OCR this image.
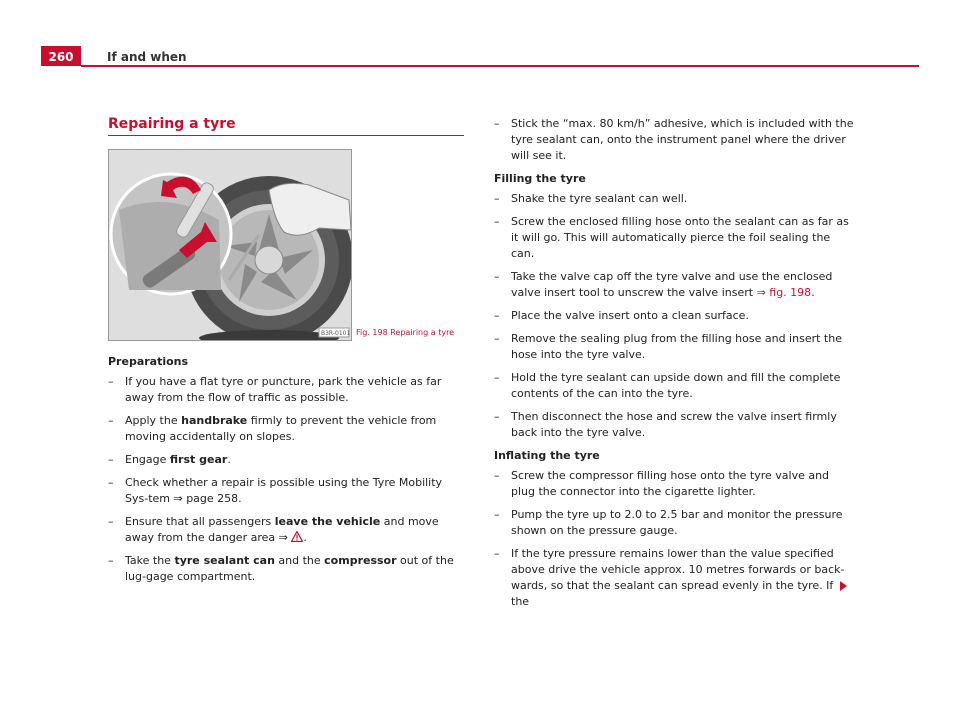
260	If and when
Repairing a tyre
B3R-0101 Fig. 198 Repairing a tyre
Preparations
– If you have a flat tyre or puncture, park the vehicle as far away from the flow of traffic as possible.
– Apply the handbrake firmly to prevent the vehicle from moving accidentally on slopes.
– Engage first gear.
– Check whether a repair is possible using the Tyre Mobility Sys-tem ⇒ page 258.
– Ensure that all passengers leave the vehicle and move away from the danger area ⇒ .
– Take the tyre sealant can and the compressor out of the lug-gage compartment.
– Stick the “max. 80 km/h” adhesive, which is included with the tyre sealant can, onto the instrument panel where the driver will see it.
Filling the tyre
– Shake the tyre sealant can well.
– Screw the enclosed filling hose onto the sealant can as far as it will go. This will automatically pierce the foil sealing the can.
– Take the valve cap off the tyre valve and use the enclosed valve insert tool to unscrew the valve insert ⇒ fig. 198.
– Place the valve insert onto a clean surface.
– Remove the sealing plug from the filling hose and insert the hose into the tyre valve.
– Hold the tyre sealant can upside down and fill the complete contents of the can into the tyre.
– Then disconnect the hose and screw the valve insert firmly back into the tyre valve.
Inflating the tyre
– Screw the compressor filling hose onto the tyre valve and plug the connector into the cigarette lighter.
– Pump the tyre up to 2.0 to 2.5 bar and monitor the pressure shown on the pressure gauge.
– If the tyre pressure remains lower than the value specified above drive the vehicle approx. 10 metres forwards or back-wards, so that the sealant can spread evenly in the tyre. If the
